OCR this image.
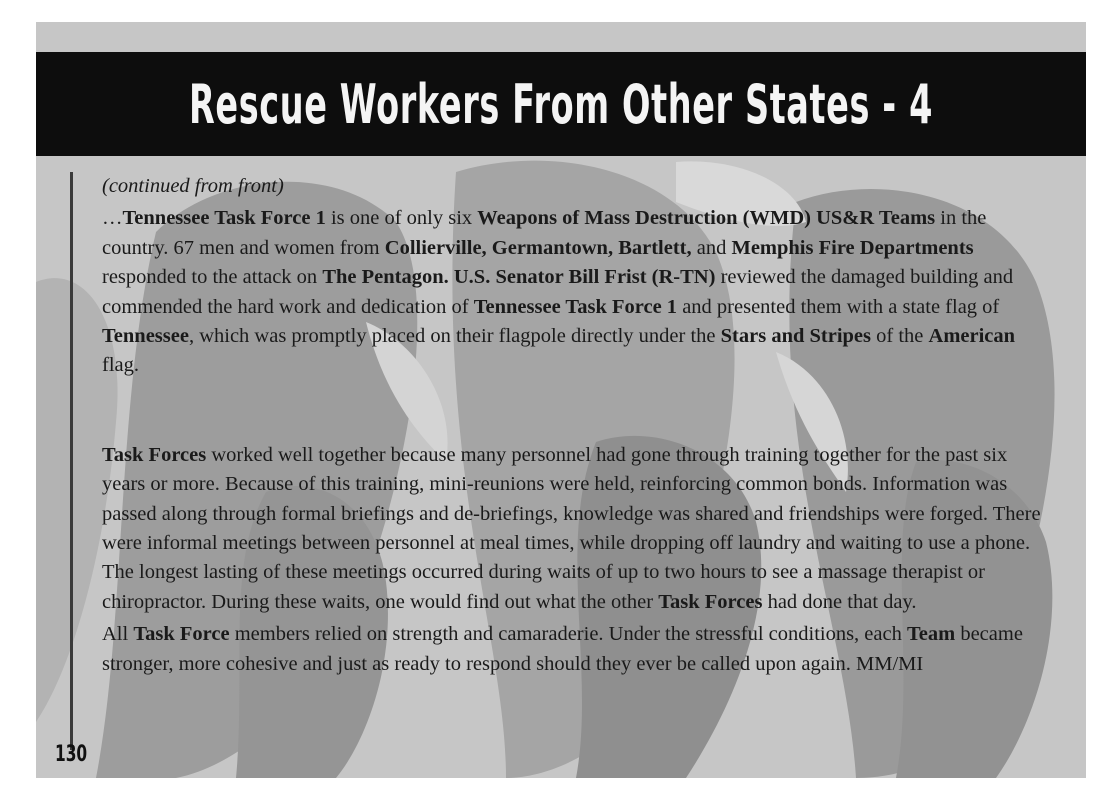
Rescue Workers From Other States - 4

(continued from front)

…Tennessee Task Force 1 is one of only six Weapons of Mass Destruction (WMD) US&R Teams in the country. 67 men and women from Collierville, Germantown, Bartlett, and Memphis Fire Departments responded to the attack on The Pentagon. U.S. Senator Bill Frist (R-TN) reviewed the damaged building and commended the hard work and dedication of Tennessee Task Force 1 and presented them with a state flag of Tennessee, which was promptly placed on their flagpole directly under the Stars and Stripes of the American flag.

Task Forces worked well together because many personnel had gone through training together for the past six years or more. Because of this training, mini-reunions were held, reinforcing common bonds. Information was passed along through formal briefings and de-briefings, knowledge was shared and friendships were forged. There were informal meetings between personnel at meal times, while dropping off laundry and waiting to use a phone. The longest lasting of these meetings occurred during waits of up to two hours to see a massage therapist or chiropractor. During these waits, one would find out what the other Task Forces had done that day.

All Task Force members relied on strength and camaraderie. Under the stressful conditions, each Team became stronger, more cohesive and just as ready to respond should they ever be called upon again. MM/MI

130
